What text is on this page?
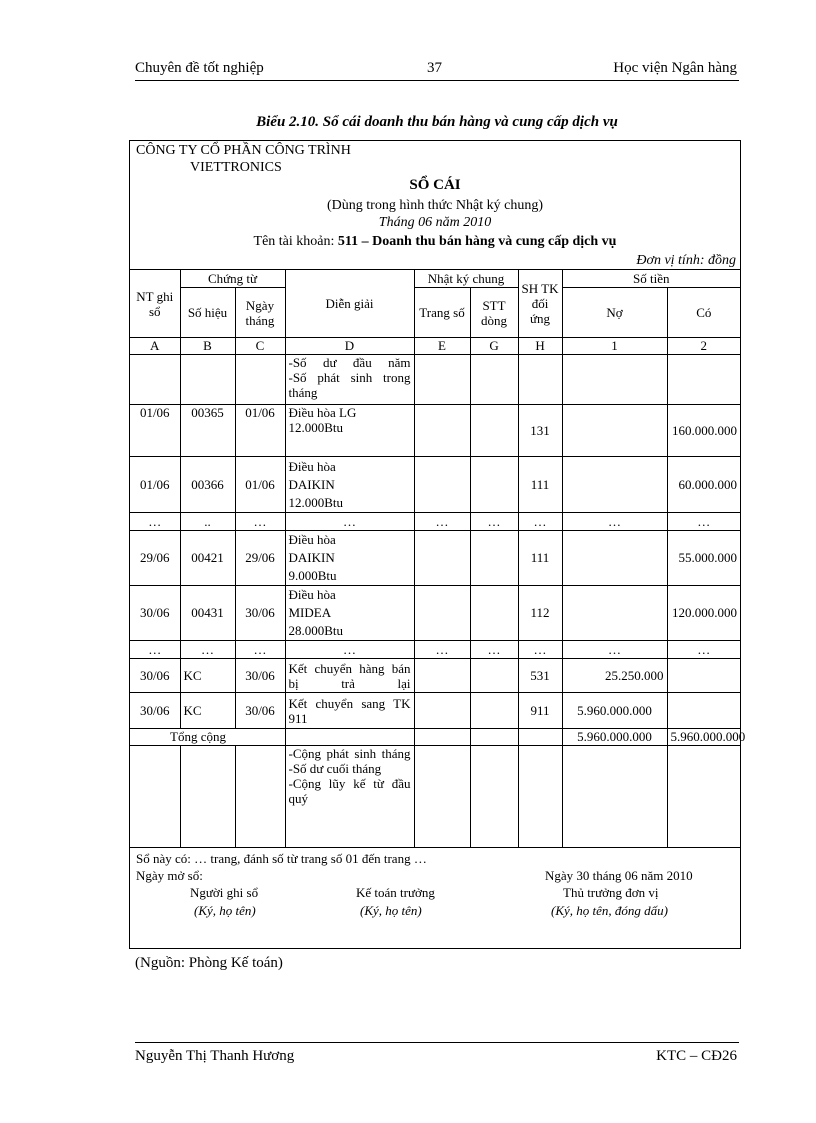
Chuyên đề tốt nghiệp	37	Học viện Ngân hàng
Biểu 2.10. Sổ cái doanh thu bán hàng và cung cấp dịch vụ
CÔNG TY CỔ PHẦN CÔNG TRÌNH
VIETTRONICS
SỔ CÁI
(Dùng trong hình thức Nhật ký chung)
Tháng 06 năm 2010
Tên tài khoản: 511 – Doanh thu bán hàng và cung cấp dịch vụ
Đơn vị tính: đồng
NT ghi sổ	Chứng từ		Diễn giải	Nhật ký chung		SH TK đối ứng	Số tiền	
	Số hiệu	Ngày tháng		Trang số	STT dòng		Nợ	Có
A	B	C	D	E	G	H	1	2
			-Số dư đầu năm
-Số phát sinh trong tháng					
01/06	00365	01/06	Điều hòa LG 12.000Btu			131		160.000.000
01/06	00366	01/06	Điều hòa DAIKIN 12.000Btu			111		60.000.000
…	..	…	…	…	…	…	…	…
29/06	00421	29/06	Điều hòa DAIKIN 9.000Btu			111		55.000.000
30/06	00431	30/06	Điều hòa MIDEA 28.000Btu			112		120.000.000
…	…	…	…	…	…	…	…	…
30/06	KC	30/06	Kết chuyển hàng bán bị trả lại			531	25.250.000	
30/06	KC	30/06	Kết chuyển sang TK 911			911	5.960.000.000	
Tổng cộng							5.960.000.000	5.960.000.000

			-Cộng phát sinh tháng
-Số dư cuối tháng
-Cộng lũy kế từ đầu quý					

Sổ này có: … trang, đánh số từ trang số 01 đến trang …
Ngày mở sổ:	Ngày 30 tháng 06 năm 2010
Người ghi sổ
(Ký, họ tên)
Kế toán trưởng
(Ký, họ tên)
Thủ trưởng đơn vị
(Ký, họ tên, đóng dấu)
(Nguồn: Phòng Kế toán)
Nguyễn Thị Thanh Hương	KTC – CĐ26
